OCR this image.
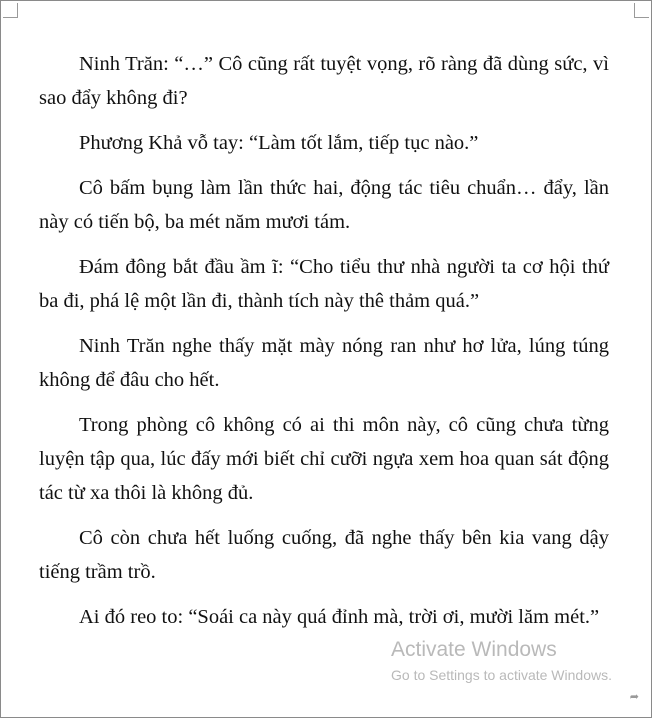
Ninh Trăn: “…” Cô cũng rất tuyệt vọng, rõ ràng đã dùng sức, vì sao đẩy không đi?

Phương Khả vỗ tay: “Làm tốt lắm, tiếp tục nào.”

Cô bấm bụng làm lần thức hai, động tác tiêu chuẩn… đẩy, lần này có tiến bộ, ba mét năm mươi tám.

Đám đông bắt đầu ầm ĩ: “Cho tiểu thư nhà người ta cơ hội thứ ba đi, phá lệ một lần đi, thành tích này thê thảm quá.”

Ninh Trăn nghe thấy mặt mày nóng ran như hơ lửa, lúng túng không để đâu cho hết.

Trong phòng cô không có ai thi môn này, cô cũng chưa từng luyện tập qua, lúc đấy mới biết chỉ cưỡi ngựa xem hoa quan sát động tác từ xa thôi là không đủ.

Cô còn chưa hết luống cuống, đã nghe thấy bên kia vang dậy tiếng trầm trồ.

Ai đó reo to: “Soái ca này quá đỉnh mà, trời ơi, mười lăm mét.”

Activate Windows
Go to Settings to activate Windows.
➦
